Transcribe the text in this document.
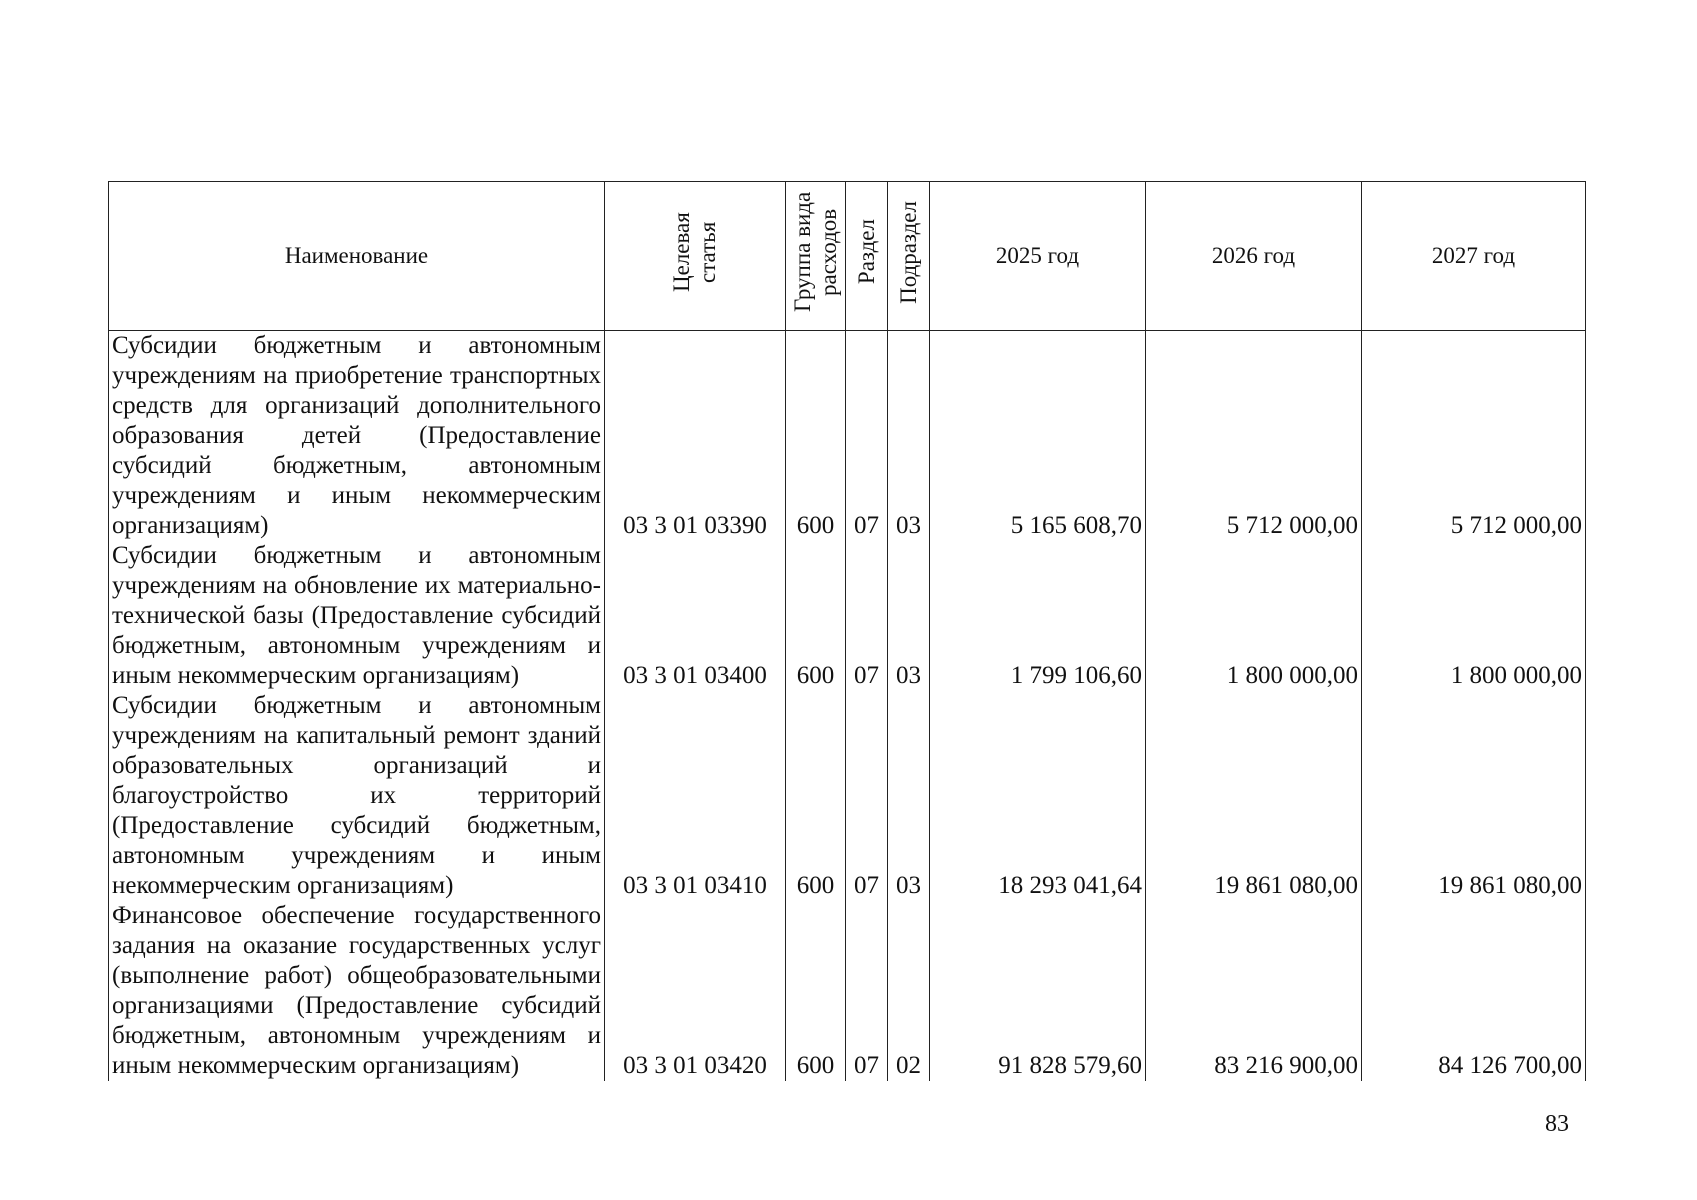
Наименование	Целевая статья	Группа вида расходов	Раздел	Подраздел	2025 год	2026 год	2027 год
Субсидии бюджетным и автономным учреждениям на приобретение транспортных средств для организаций дополнительного образования детей (Предоставление субсидий бюджетным, автономным учреждениям и иным некоммерческим организациям)	03 3 01 03390	600	07	03	5 165 608,70	5 712 000,00	5 712 000,00
Субсидии бюджетным и автономным учреждениям на обновление их материально-технической базы (Предоставление субсидий бюджетным, автономным учреждениям и иным некоммерческим организациям)	03 3 01 03400	600	07	03	1 799 106,60	1 800 000,00	1 800 000,00
Субсидии бюджетным и автономным учреждениям на капитальный ремонт зданий образовательных организаций и благоустройство их территорий (Предоставление субсидий бюджетным, автономным учреждениям и иным некоммерческим организациям)	03 3 01 03410	600	07	03	18 293 041,64	19 861 080,00	19 861 080,00
Финансовое обеспечение государственного задания на оказание государственных услуг (выполнение работ) общеобразовательными организациями (Предоставление субсидий бюджетным, автономным учреждениям и иным некоммерческим организациям)	03 3 01 03420	600	07	02	91 828 579,60	83 216 900,00	84 126 700,00
83
